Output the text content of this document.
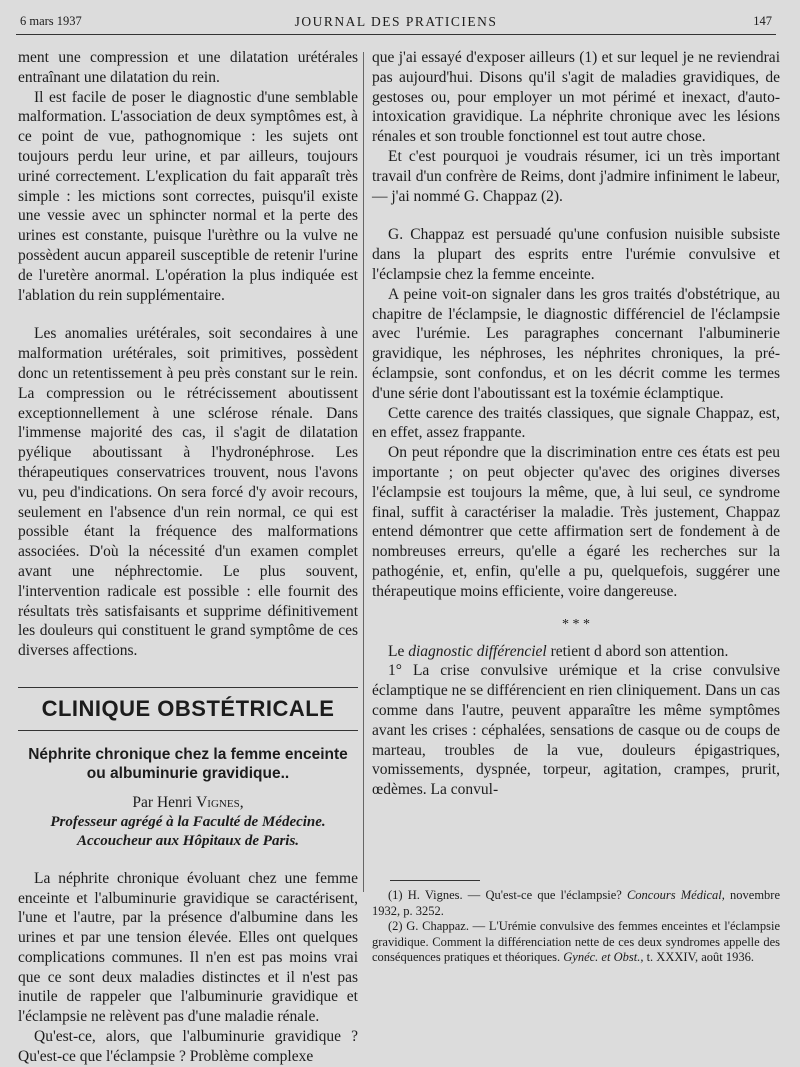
6 mars 1937	JOURNAL DES PRATICIENS	147

ment une compression et une dilatation urétérales entraînant une dilatation du rein.

Il est facile de poser le diagnostic d'une semblable malformation. L'association de deux symptômes est, à ce point de vue, pathognomique : les sujets ont toujours perdu leur urine, et par ailleurs, toujours uriné correctement. L'explication du fait apparaît très simple : les mictions sont correctes, puisqu'il existe une vessie avec un sphincter normal et la perte des urines est constante, puisque l'urèthre ou la vulve ne possèdent aucun appareil susceptible de retenir l'urine de l'uretère anormal. L'opération la plus indiquée est l'ablation du rein supplémentaire.

Les anomalies urétérales, soit secondaires à une malformation urétérales, soit primitives, possèdent donc un retentissement à peu près constant sur le rein. La compression ou le rétrécissement aboutissent exceptionnellement à une sclérose rénale. Dans l'immense majorité des cas, il s'agit de dilatation pyélique aboutissant à l'hydronéphrose. Les thérapeutiques conservatrices trouvent, nous l'avons vu, peu d'indications. On sera forcé d'y avoir recours, seulement en l'absence d'un rein normal, ce qui est possible étant la fréquence des malformations associées. D'où la nécessité d'un examen complet avant une néphrectomie. Le plus souvent, l'intervention radicale est possible : elle fournit des résultats très satisfaisants et supprime définitivement les douleurs qui constituent le grand symptôme de ces diverses affections.

CLINIQUE OBSTÉTRICALE
Néphrite chronique chez la femme enceinte ou albuminurie gravidique..
Par Henri Vignes,
Professeur agrégé à la Faculté de Médecine.
Accoucheur aux Hôpitaux de Paris.

La néphrite chronique évoluant chez une femme enceinte et l'albuminurie gravidique se caractérisent, l'une et l'autre, par la présence d'albumine dans les urines et par une tension élevée. Elles ont quelques complications communes. Il n'en est pas moins vrai que ce sont deux maladies distinctes et il n'est pas inutile de rappeler que l'albuminurie gravidique et l'éclampsie ne relèvent pas d'une maladie rénale.

Qu'est-ce, alors, que l'albuminurie gravidique ? Qu'est-ce que l'éclampsie ? Problème complexe

que j'ai essayé d'exposer ailleurs (1) et sur lequel je ne reviendrai pas aujourd'hui. Disons qu'il s'agit de maladies gravidiques, de gestoses ou, pour employer un mot périmé et inexact, d'auto-intoxication gravidique. La néphrite chronique avec les lésions rénales et son trouble fonctionnel est tout autre chose.

Et c'est pourquoi je voudrais résumer, ici un très important travail d'un confrère de Reims, dont j'admire infiniment le labeur, — j'ai nommé G. Chappaz (2).

G. Chappaz est persuadé qu'une confusion nuisible subsiste dans la plupart des esprits entre l'urémie convulsive et l'éclampsie chez la femme enceinte.

A peine voit-on signaler dans les gros traités d'obstétrique, au chapitre de l'éclampsie, le diagnostic différenciel de l'éclampsie avec l'urémie. Les paragraphes concernant l'albuminerie gravidique, les néphroses, les néphrites chroniques, la prééclampsie, sont confondus, et on les décrit comme les termes d'une série dont l'aboutissant est la toxémie éclamptique.

Cette carence des traités classiques, que signale Chappaz, est, en effet, assez frappante.

On peut répondre que la discrimination entre ces états est peu importante ; on peut objecter qu'avec des origines diverses l'éclampsie est toujours la même, que, à lui seul, ce syndrome final, suffit à caractériser la maladie. Très justement, Chappaz entend démontrer que cette affirmation sert de fondement à de nombreuses erreurs, qu'elle a égaré les recherches sur la pathogénie, et, enfin, qu'elle a pu, quelquefois, suggérer une thérapeutique moins efficiente, voire dangereuse.

* * *

Le diagnostic différenciel retient d abord son attention.

1° La crise convulsive urémique et la crise convulsive éclamptique ne se différencient en rien cliniquement. Dans un cas comme dans l'autre, peuvent apparaître les même symptômes avant les crises : céphalées, sensations de casque ou de coups de marteau, troubles de la vue, douleurs épigastriques, vomissements, dyspnée, torpeur, agitation, crampes, prurit, œdèmes. La convul-

(1) H. Vignes. — Qu'est-ce que l'éclampsie? Concours Médical, novembre 1932, p. 3252.

(2) G. Chappaz. — L'Urémie convulsive des femmes enceintes et l'éclampsie gravidique. Comment la différenciation nette de ces deux syndromes appelle des conséquences pratiques et théoriques. Gynéc. et Obst., t. XXXIV, août 1936.
